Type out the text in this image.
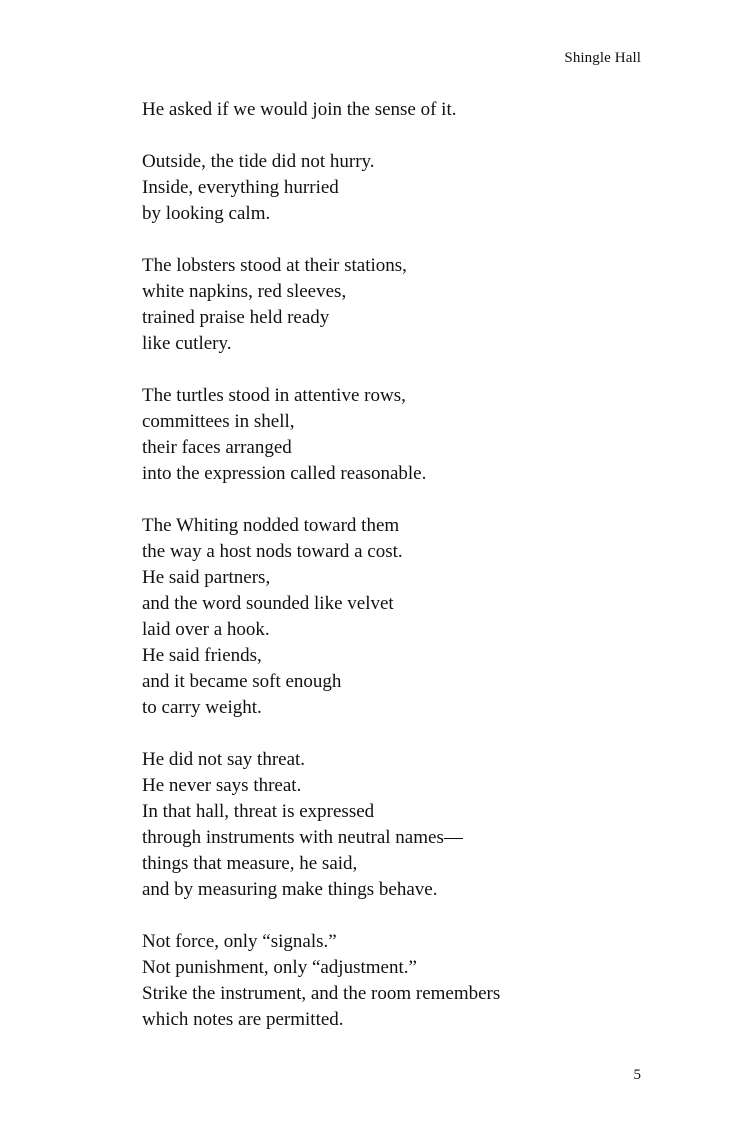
Shingle Hall
He asked if we would join the sense of it.
Outside, the tide did not hurry.
Inside, everything hurried
by looking calm.
The lobsters stood at their stations,
white napkins, red sleeves,
trained praise held ready
like cutlery.
The turtles stood in attentive rows,
committees in shell,
their faces arranged
into the expression called reasonable.
The Whiting nodded toward them
the way a host nods toward a cost.
He said partners,
and the word sounded like velvet
laid over a hook.
He said friends,
and it became soft enough
to carry weight.
He did not say threat.
He never says threat.
In that hall, threat is expressed
through instruments with neutral names—
things that measure, he said,
and by measuring make things behave.
Not force, only “signals.”
Not punishment, only “adjustment.”
Strike the instrument, and the room remembers
which notes are permitted.
5
